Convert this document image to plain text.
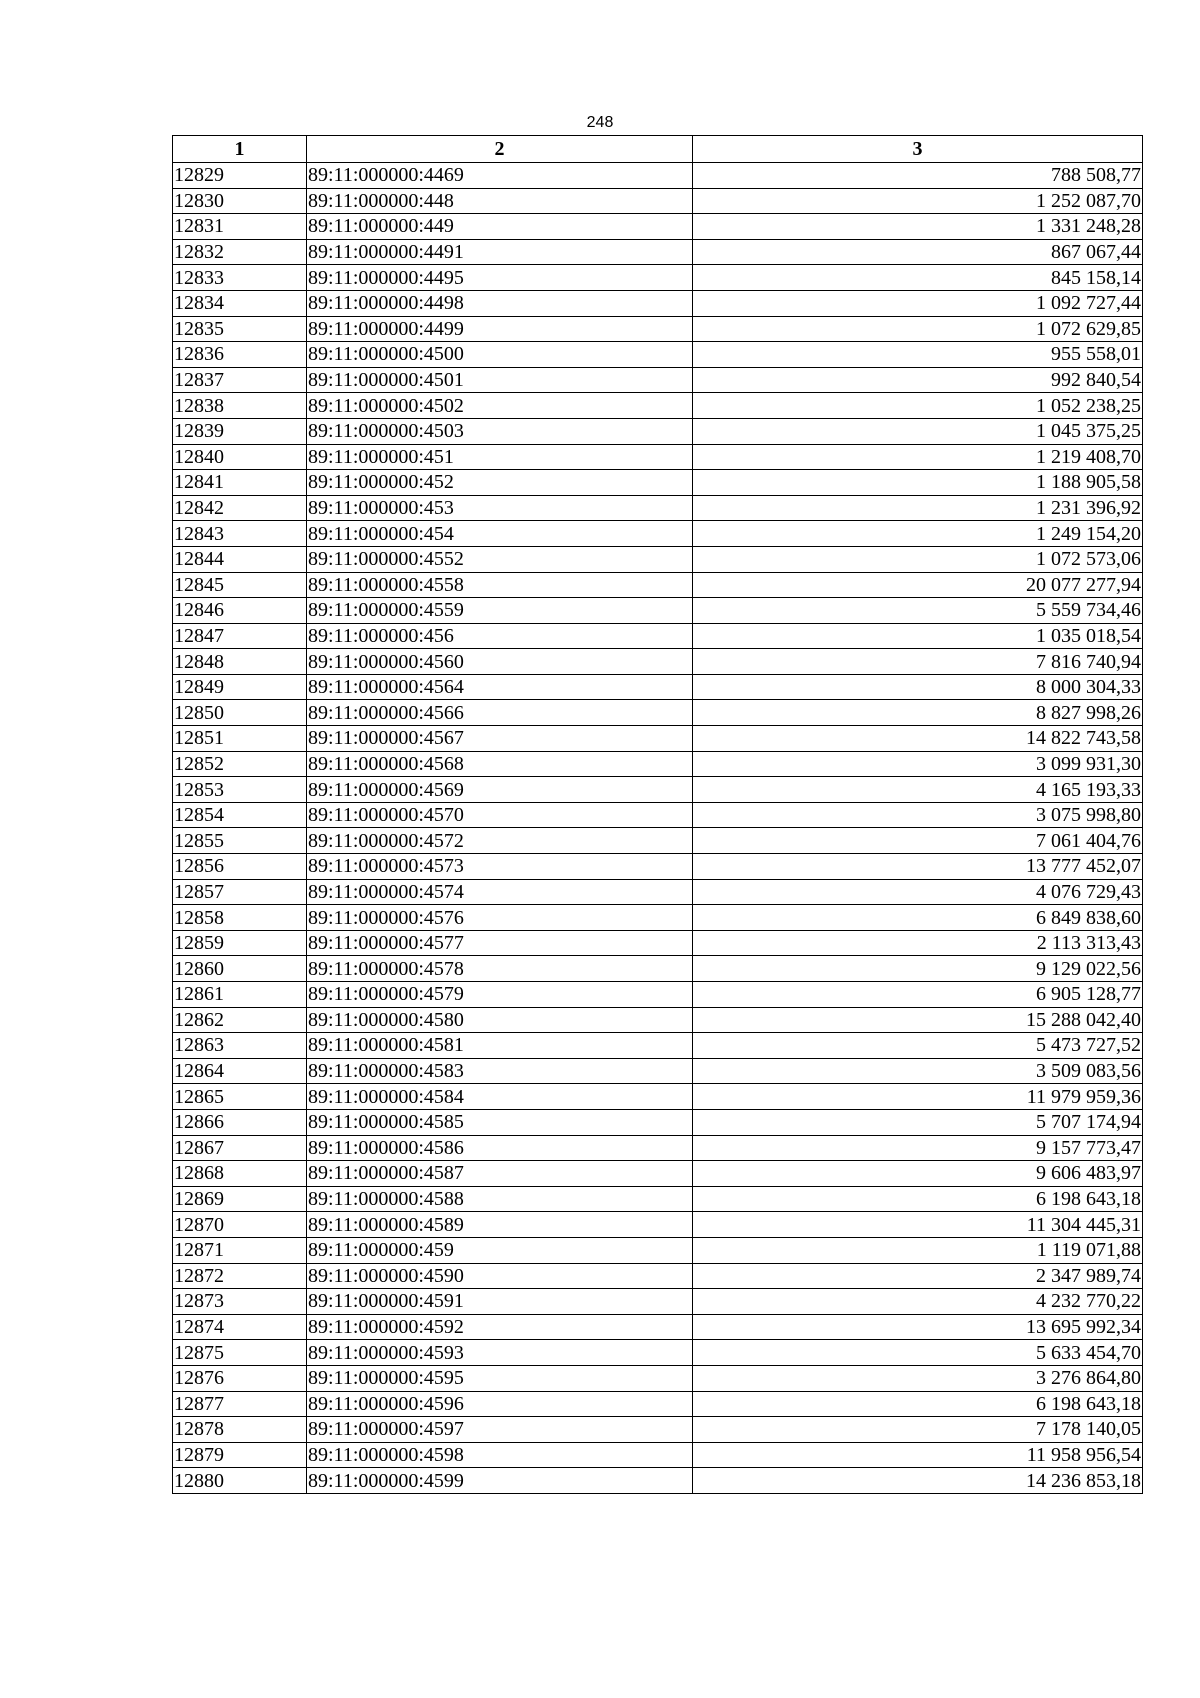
248
1	2	3
12829	89:11:000000:4469	788 508,77
12830	89:11:000000:448	1 252 087,70
12831	89:11:000000:449	1 331 248,28
12832	89:11:000000:4491	867 067,44
12833	89:11:000000:4495	845 158,14
12834	89:11:000000:4498	1 092 727,44
12835	89:11:000000:4499	1 072 629,85
12836	89:11:000000:4500	955 558,01
12837	89:11:000000:4501	992 840,54
12838	89:11:000000:4502	1 052 238,25
12839	89:11:000000:4503	1 045 375,25
12840	89:11:000000:451	1 219 408,70
12841	89:11:000000:452	1 188 905,58
12842	89:11:000000:453	1 231 396,92
12843	89:11:000000:454	1 249 154,20
12844	89:11:000000:4552	1 072 573,06
12845	89:11:000000:4558	20 077 277,94
12846	89:11:000000:4559	5 559 734,46
12847	89:11:000000:456	1 035 018,54
12848	89:11:000000:4560	7 816 740,94
12849	89:11:000000:4564	8 000 304,33
12850	89:11:000000:4566	8 827 998,26
12851	89:11:000000:4567	14 822 743,58
12852	89:11:000000:4568	3 099 931,30
12853	89:11:000000:4569	4 165 193,33
12854	89:11:000000:4570	3 075 998,80
12855	89:11:000000:4572	7 061 404,76
12856	89:11:000000:4573	13 777 452,07
12857	89:11:000000:4574	4 076 729,43
12858	89:11:000000:4576	6 849 838,60
12859	89:11:000000:4577	2 113 313,43
12860	89:11:000000:4578	9 129 022,56
12861	89:11:000000:4579	6 905 128,77
12862	89:11:000000:4580	15 288 042,40
12863	89:11:000000:4581	5 473 727,52
12864	89:11:000000:4583	3 509 083,56
12865	89:11:000000:4584	11 979 959,36
12866	89:11:000000:4585	5 707 174,94
12867	89:11:000000:4586	9 157 773,47
12868	89:11:000000:4587	9 606 483,97
12869	89:11:000000:4588	6 198 643,18
12870	89:11:000000:4589	11 304 445,31
12871	89:11:000000:459	1 119 071,88
12872	89:11:000000:4590	2 347 989,74
12873	89:11:000000:4591	4 232 770,22
12874	89:11:000000:4592	13 695 992,34
12875	89:11:000000:4593	5 633 454,70
12876	89:11:000000:4595	3 276 864,80
12877	89:11:000000:4596	6 198 643,18
12878	89:11:000000:4597	7 178 140,05
12879	89:11:000000:4598	11 958 956,54
12880	89:11:000000:4599	14 236 853,18
